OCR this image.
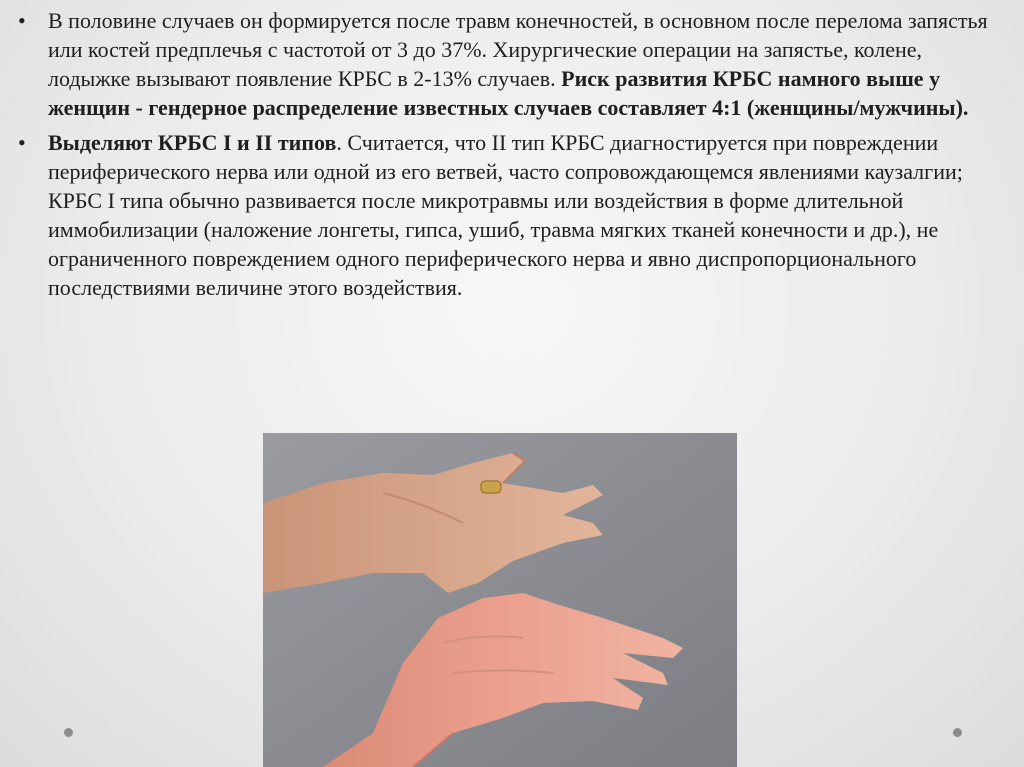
• В половине случаев он формируется после травм конечностей, в основном после перелома запястья или костей предплечья с частотой от 3 до 37%. Хирургические операции на запястье, колене, лодыжке вызывают появление КРБС в 2-13% случаев. Риск развития КРБС намного выше у женщин - гендерное распределение известных случаев составляет 4:1 (женщины/мужчины).
• Выделяют КРБС I и II типов. Считается, что II тип КРБС диагностируется при повреждении периферического нерва или одной из его ветвей, часто сопровождающемся явлениями каузалгии; КРБС I типа обычно развивается после микротравмы или воздействия в форме длительной иммобилизации (наложение лонгеты, гипса, ушиб, травма мягких тканей конечности и др.), не ограниченного повреждением одного периферического нерва и явно диспропорционального последствиями величине этого воздействия.
